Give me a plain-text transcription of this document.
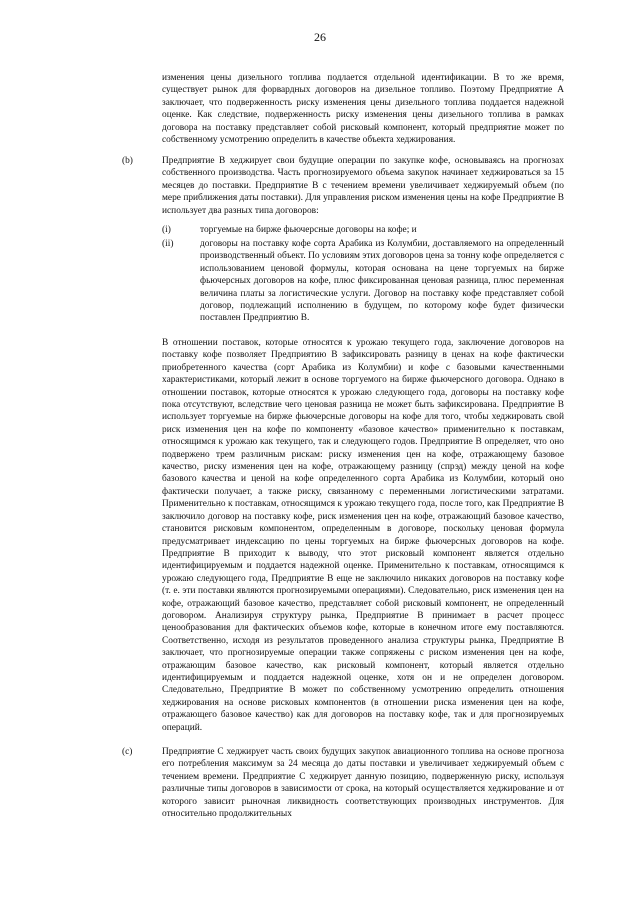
26
изменения цены дизельного топлива подлается отдельной идентификации. В то же время, существует рынок для форвардных договоров на дизельное топливо. Поэтому Предприятие А заключает, что подверженность риску изменения цены дизельного топлива поддается надежной оценке. Как следствие, подверженность риску изменения цены дизельного топлива в рамках договора на поставку представляет собой рисковый компонент, который предприятие может по собственному усмотрению определить в качестве объекта хеджирования.
(b)	Предприятие В хеджирует свои будущие операции по закупке кофе, основываясь на прогнозах собственного производства. Часть прогнозируемого объема закупок начинает хеджироваться за 15 месяцев до поставки. Предприятие В с течением времени увеличивает хеджируемый объем (по мере приближения даты поставки). Для управления риском изменения цены на кофе Предприятие В использует два разных типа договоров:
(i)	торгуемые на бирже фьючерсные договоры на кофе; и
(ii)	договоры на поставку кофе сорта Арабика из Колумбии, доставляемого на определенный производственный объект. По условиям этих договоров цена за тонну кофе определяется с использованием ценовой формулы, которая основана на цене торгуемых на бирже фьючерсных договоров на кофе, плюс фиксированная ценовая разница, плюс переменная величина платы за логистические услуги. Договор на поставку кофе представляет собой договор, подлежащий исполнению в будущем, по которому кофе будет физически поставлен Предприятию В.
В отношении поставок, которые относятся к урожаю текущего года, заключение договоров на поставку кофе позволяет Предприятию В зафиксировать разницу в ценах на кофе фактически приобретенного качества (сорт Арабика из Колумбии) и кофе с базовыми качественными характеристиками, который лежит в основе торгуемого на бирже фьючерсного договора. Однако в отношении поставок, которые относятся к урожаю следующего года, договоры на поставку кофе пока отсутствуют, вследствие чего ценовая разница не может быть зафиксирована. Предприятие В использует торгуемые на бирже фьючерсные договоры на кофе для того, чтобы хеджировать свой риск изменения цен на кофе по компоненту «базовое качество» применительно к поставкам, относящимся к урожаю как текущего, так и следующего годов. Предприятие В определяет, что оно подвержено трем различным рискам: риску изменения цен на кофе, отражающему базовое качество, риску изменения цен на кофе, отражающему разницу (спрэд) между ценой на кофе базового качества и ценой на кофе определенного сорта Арабика из Колумбии, который оно фактически получает, а также риску, связанному с переменными логистическими затратами. Применительно к поставкам, относящимся к урожаю текущего года, после того, как Предприятие В заключило договор на поставку кофе, риск изменения цен на кофе, отражающий базовое качество, становится рисковым компонентом, определенным в договоре, поскольку ценовая формула предусматривает индексацию по цены торгуемых на бирже фьючерсных договоров на кофе. Предприятие В приходит к выводу, что этот рисковый компонент является отдельно идентифицируемым и поддается надежной оценке. Применительно к поставкам, относящимся к урожаю следующего года, Предприятие В еще не заключило никаких договоров на поставку кофе (т. е. эти поставки являются прогнозируемыми операциями). Следовательно, риск изменения цен на кофе, отражающий базовое качество, представляет собой рисковый компонент, не определенный договором. Анализируя структуру рынка, Предприятие В принимает в расчет процесс ценообразования для фактических объемов кофе, которые в конечном итоге ему поставляются. Соответственно, исходя из результатов проведенного анализа структуры рынка, Предприятие В заключает, что прогнозируемые операции также сопряжены с риском изменения цен на кофе, отражающим базовое качество, как рисковый компонент, который является отдельно идентифицируемым и поддается надежной оценке, хотя он и не определен договором. Следовательно, Предприятие В может по собственному усмотрению определить отношения хеджирования на основе рисковых компонентов (в отношении риска изменения цен на кофе, отражающего базовое качество) как для договоров на поставку кофе, так и для прогнозируемых операций.
(c)	Предприятие С хеджирует часть своих будущих закупок авиационного топлива на основе прогноза его потребления максимум за 24 месяца до даты поставки и увеличивает хеджируемый объем с течением времени. Предприятие С хеджирует данную позицию, подверженную риску, используя различные типы договоров в зависимости от срока, на который осуществляется хеджирование и от которого зависит рыночная ликвидность соответствующих производных инструментов. Для относительно продолжительных
